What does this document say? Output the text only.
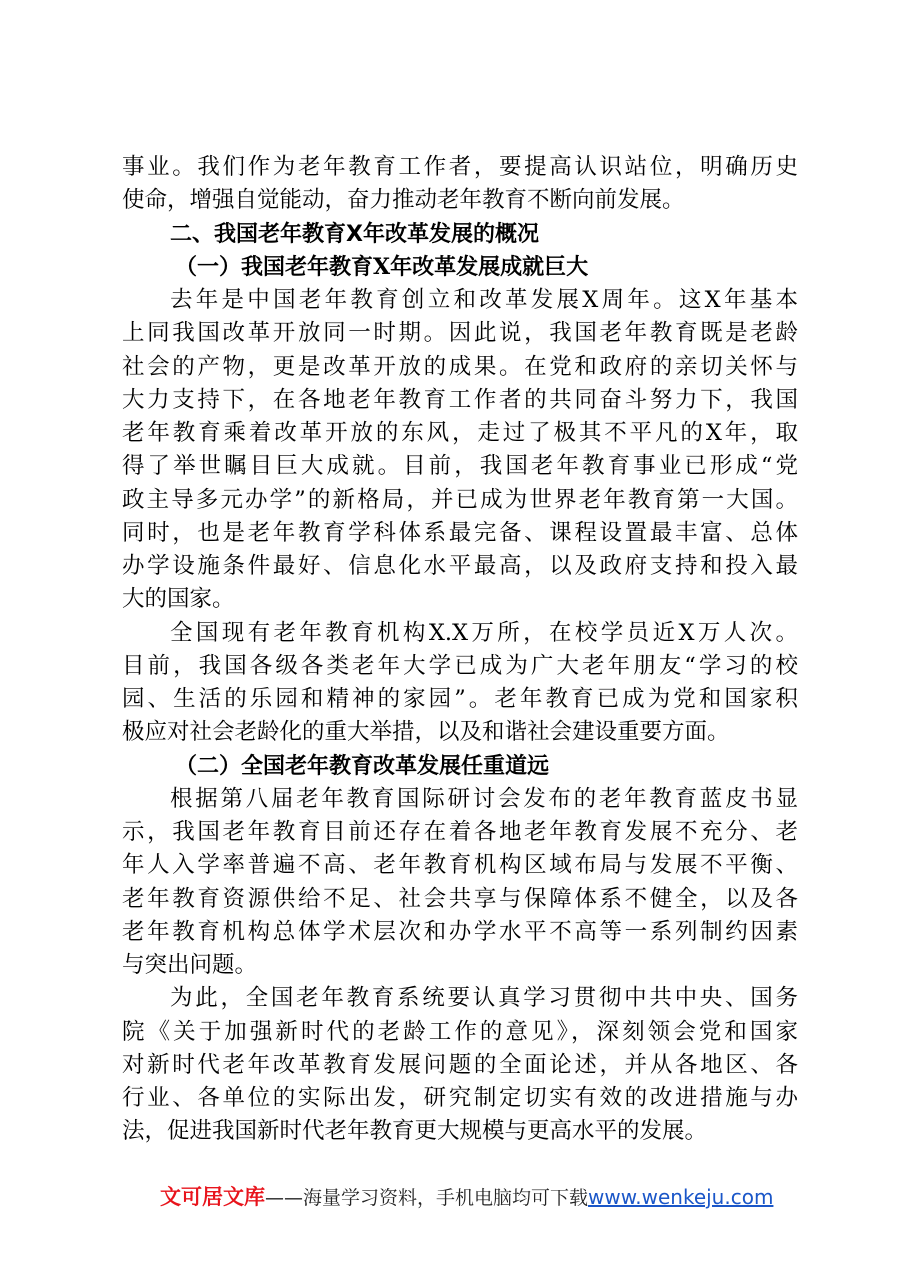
事业。我们作为老年教育工作者，要提高认识站位，明确历史
使命，增强自觉能动，奋力推动老年教育不断向前发展。
二、我国老年教育X年改革发展的概况
（一）我国老年教育X年改革发展成就巨大
去年是中国老年教育创立和改革发展X周年。这X年基本
上同我国改革开放同一时期。因此说，我国老年教育既是老龄
社会的产物，更是改革开放的成果。在党和政府的亲切关怀与
大力支持下，在各地老年教育工作者的共同奋斗努力下，我国
老年教育乘着改革开放的东风，走过了极其不平凡的X年，取
得了举世瞩目巨大成就。目前，我国老年教育事业已形成“党
政主导多元办学”的新格局，并已成为世界老年教育第一大国。
同时，也是老年教育学科体系最完备、课程设置最丰富、总体
办学设施条件最好、信息化水平最高，以及政府支持和投入最
大的国家。
全国现有老年教育机构X.X万所，在校学员近X万人次。
目前，我国各级各类老年大学已成为广大老年朋友“学习的校
园、生活的乐园和精神的家园”。老年教育已成为党和国家积
极应对社会老龄化的重大举措，以及和谐社会建设重要方面。
（二）全国老年教育改革发展任重道远
根据第八届老年教育国际研讨会发布的老年教育蓝皮书显
示，我国老年教育目前还存在着各地老年教育发展不充分、老
年人入学率普遍不高、老年教育机构区域布局与发展不平衡、
老年教育资源供给不足、社会共享与保障体系不健全，以及各
老年教育机构总体学术层次和办学水平不高等一系列制约因素
与突出问题。
为此，全国老年教育系统要认真学习贯彻中共中央、国务
院《关于加强新时代的老龄工作的意见》，深刻领会党和国家
对新时代老年改革教育发展问题的全面论述，并从各地区、各
行业、各单位的实际出发，研究制定切实有效的改进措施与办
法，促进我国新时代老年教育更大规模与更高水平的发展。
文可居文库——海量学习资料，手机电脑均可下载www.wenkeju.com
